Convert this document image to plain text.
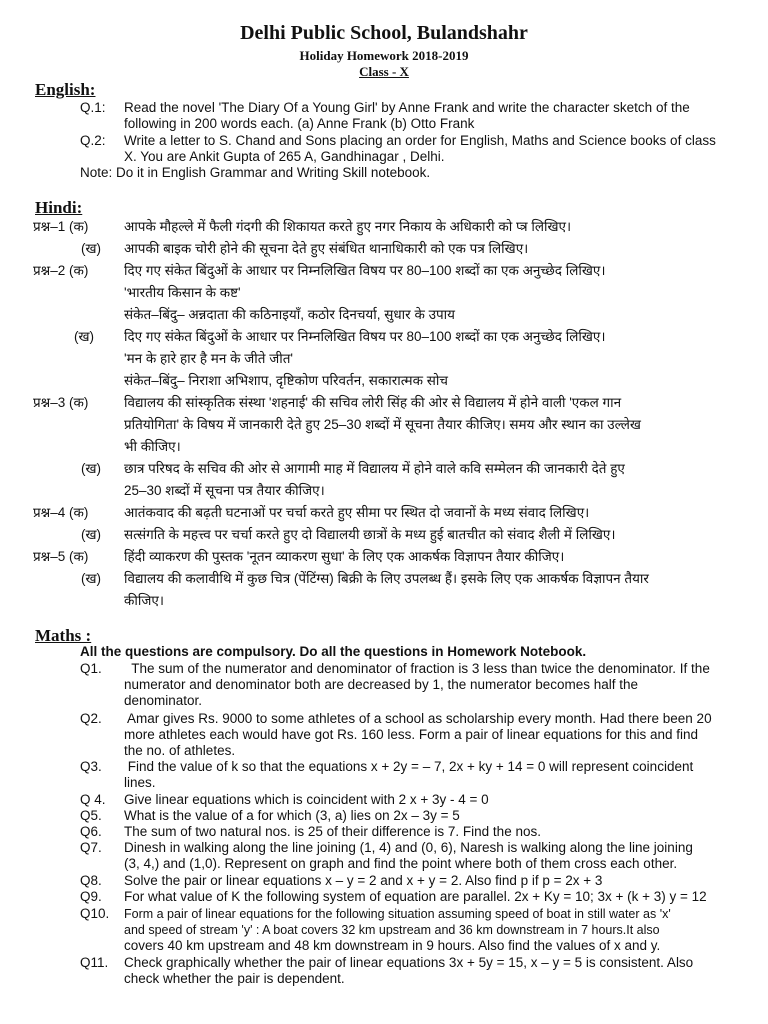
Delhi Public School, Bulandshahr
Holiday Homework 2018-2019
Class - X
English:
Q.1: Read the novel 'The Diary Of a Young Girl' by Anne Frank and write the character sketch of the
following in 200 words each. (a) Anne Frank (b) Otto Frank
Q.2: Write a letter to S. Chand and Sons placing an order for English, Maths and Science books of class
X. You are Ankit Gupta of 265 A, Gandhinagar , Delhi.
Note: Do it in English Grammar and Writing Skill notebook.
Hindi:
प्रश्न–1 (क)	आपके मौहल्ले में फैली गंदगी की शिकायत करते हुए नगर निकाय के अधिकारी को प्त्र लिखिए।
(ख) आपकी बाइक चोरी होने की सूचना देते हुए संबंधित थानाधिकारी को एक पत्र लिखिए।
प्रश्न–2 (क)	दिए गए संकेत बिंदुओं के आधार पर निम्नलिखित विषय पर 80–100 शब्दों का एक अनुच्छेद लिखिए।
'भारतीय किसान के कष्ट'
संकेत–बिंदु– अन्नदाता की कठिनाइयाँ, कठोर दिनचर्या, सुधार के उपाय
(ख) दिए गए संकेत बिंदुओं के आधार पर निम्नलिखित विषय पर 80–100 शब्दों का एक अनुच्छेद लिखिए।
'मन के हारे हार है मन के जीते जीत'
संकेत–बिंदु– निराशा अभिशाप, दृष्टिकोण परिवर्तन, सकारात्मक सोच
प्रश्न–3 (क)	विद्यालय की सांस्कृतिक संस्था 'शहनाई' की सचिव लोरी सिंह की ओर से विद्यालय में होने वाली 'एकल गान
प्रतियोगिता' के विषय में जानकारी देते हुए 25–30 शब्दों में सूचना तैयार कीजिए। समय और स्थान का उल्लेख
भी कीजिए।
(ख) छात्र परिषद के सचिव की ओर से आगामी माह में विद्यालय में होने वाले कवि सम्मेलन की जानकारी देते हुए
25–30 शब्दों में सूचना पत्र तैयार कीजिए।
प्रश्न–4 (क)	आतंकवाद की बढ़ती घटनाओं पर चर्चा करते हुए सीमा पर स्थित दो जवानों के मध्य संवाद लिखिए।
(ख) सत्संगति के महत्त्व पर चर्चा करते हुए दो विद्यालयी छात्रों के मध्य हुई बातचीत को संवाद शैली में लिखिए।
प्रश्न–5 (क)	हिंदी व्याकरण की पुस्तक 'नूतन व्याकरण सुधा' के लिए एक आकर्षक विज्ञापन तैयार कीजिए।
(ख) विद्यालय की कलावीथि में कुछ चित्र (पेंटिंग्स) बिक्री के लिए उपलब्ध हैं। इसके लिए एक आकर्षक विज्ञापन तैयार
कीजिए।
Maths :
All the questions are compulsory. Do all the questions in Homework Notebook.
Q1. The sum of the numerator and denominator of fraction is 3 less than twice the denominator. If the
numerator and denominator both are decreased by 1, the numerator becomes half the
denominator.
Q2. Amar gives Rs. 9000 to some athletes of a school as scholarship every month. Had there been 20
more athletes each would have got Rs. 160 less. Form a pair of linear equations for this and find
the no. of athletes.
Q3. Find the value of k so that the equations x + 2y = – 7, 2x + ky + 14 = 0 will represent coincident
lines.
Q 4. Give linear equations which is coincident with 2 x + 3y - 4 = 0
Q5. What is the value of a for which (3, a) lies on 2x – 3y = 5
Q6. The sum of two natural nos. is 25 of their difference is 7. Find the nos.
Q7. Dinesh in walking along the line joining (1, 4) and (0, 6), Naresh is walking along the line joining
(3, 4,) and (1,0). Represent on graph and find the point where both of them cross each other.
Q8. Solve the pair or linear equations x – y = 2 and x + y = 2. Also find p if p = 2x + 3
Q9. For what value of K the following system of equation are parallel. 2x + Ky = 10; 3x + (k + 3) y = 12
Q10. Form a pair of linear equations for the following situation assuming speed of boat in still water as 'x'
and speed of stream 'y' : A boat covers 32 km upstream and 36 km downstream in 7 hours.It also
covers 40 km upstream and 48 km downstream in 9 hours. Also find the values of x and y.
Q11. Check graphically whether the pair of linear equations 3x + 5y = 15, x – y = 5 is consistent. Also
check whether the pair is dependent.
